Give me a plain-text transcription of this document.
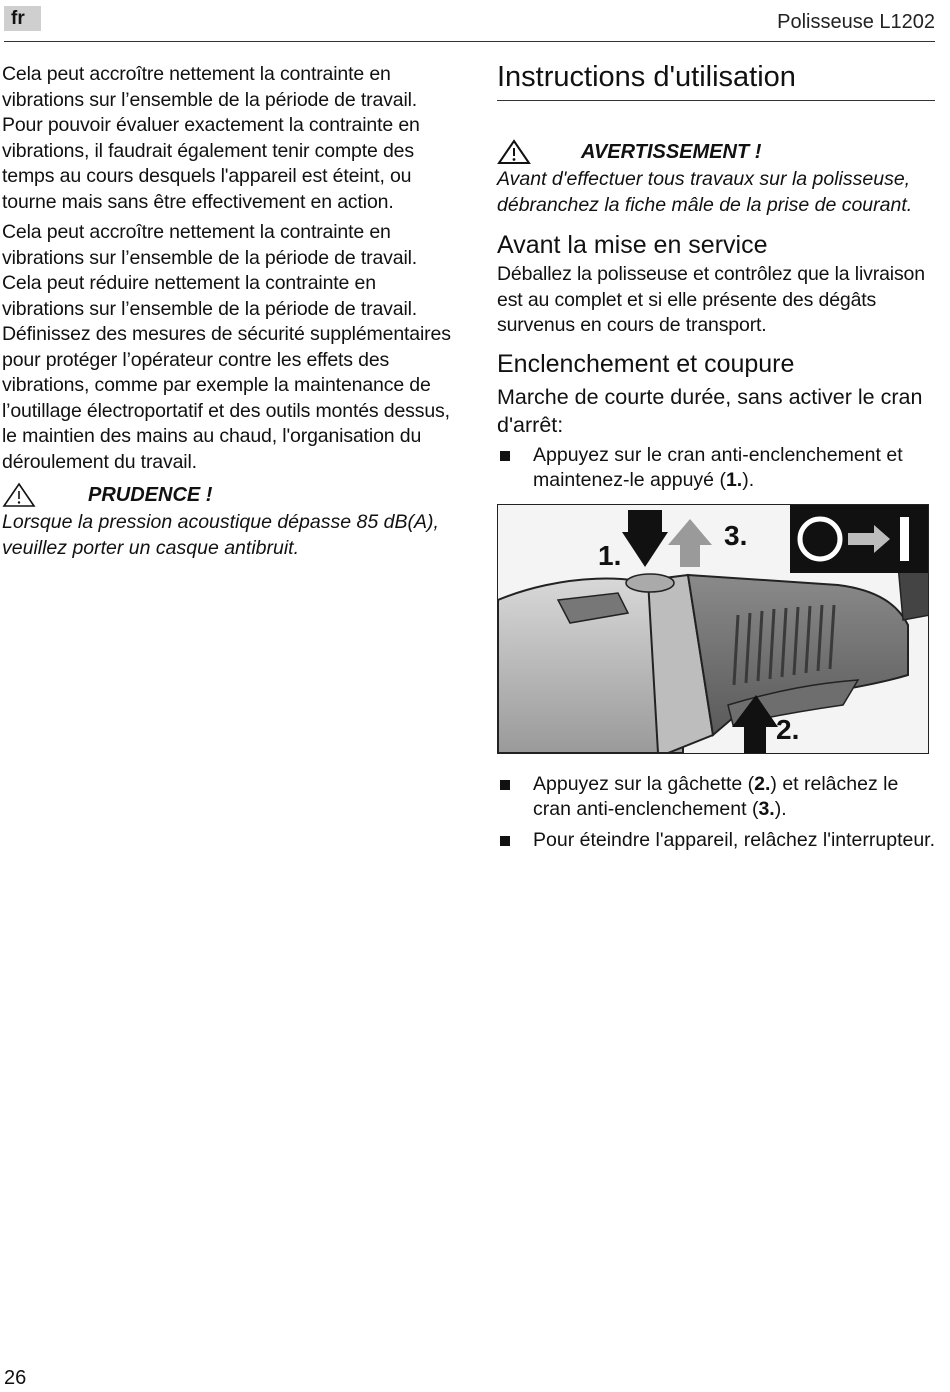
fr	Polisseuse L1202

Cela peut accroître nettement la contrainte en vibrations sur l’ensemble de la période de travail. Pour pouvoir évaluer exactement la contrainte en vibrations, il faudrait également tenir compte des temps au cours desquels l'appareil est éteint, ou tourne mais sans être effectivement en action.

Cela peut accroître nettement la contrainte en vibrations sur l’ensemble de la période de travail. Cela peut réduire nettement la contrainte en vibrations sur l’ensemble de la période de travail. Définissez des mesures de sécurité supplémentaires pour protéger l’opérateur contre les effets des vibrations, comme par exemple la maintenance de l’outillage électroportatif et des outils montés dessus, le maintien des mains au chaud, l'organisation du déroulement du travail.

PRUDENCE !

Lorsque la pression acoustique dépasse 85 dB(A), veuillez porter un casque antibruit.

Instructions d'utilisation
AVERTISSEMENT !

Avant d'effectuer tous travaux sur la polisseuse, débranchez la fiche mâle de la prise de courant.

Avant la mise en service

Déballez la polisseuse et contrôlez que la livraison est au complet et si elle présente des dégâts survenus en cours de transport.

Enclenchement et coupure
Marche de courte durée, sans activer le cran d'arrêt:
Appuyez sur le cran anti-enclenchement et maintenez-le appuyé (1.).
1.
3.
2.
Appuyez sur la gâchette (2.) et relâchez le cran anti-enclenchement (3.).
Pour éteindre l'appareil, relâchez l'interrupteur.
26
